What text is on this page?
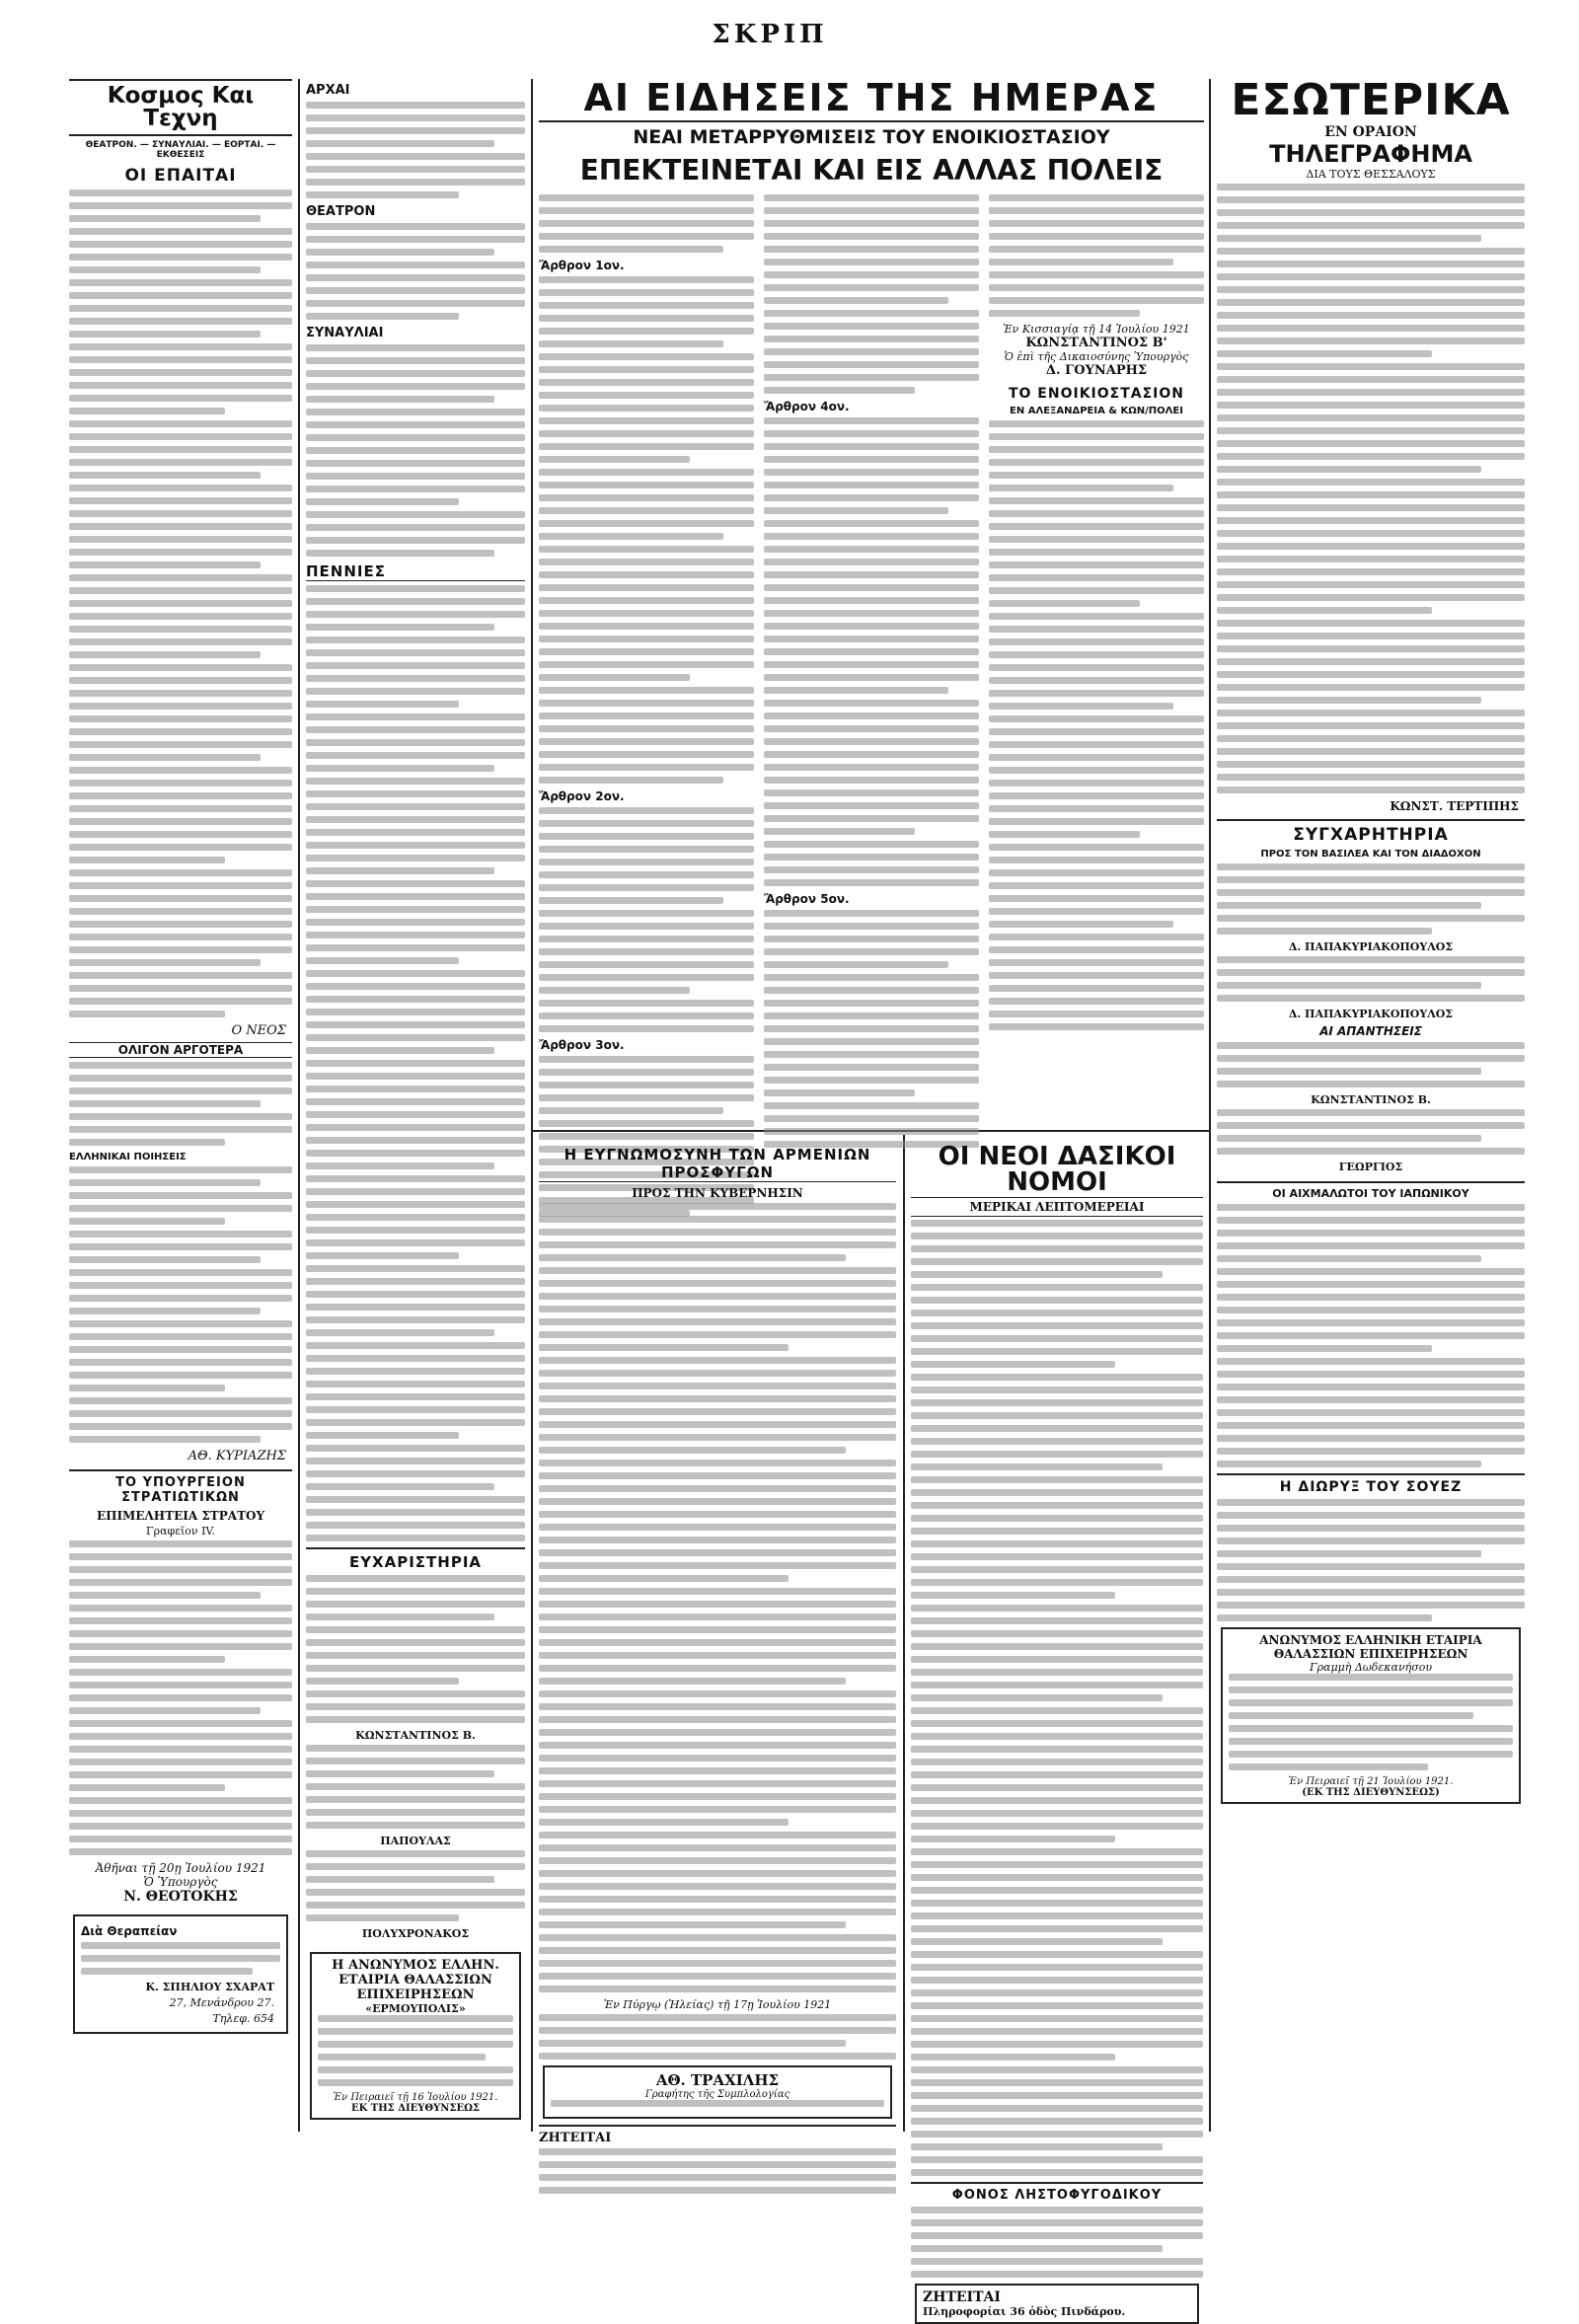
ΣΚΡΙΠ
Κοσμος Και Τεχνη
ΘΕΑΤΡΟΝ. — ΣΥΝΑΥΛΙΑΙ. — ΕΟΡΤΑΙ. — ΕΚΘΕΣΕΙΣ
ΟΙ ΕΠΑΙΤΑΙ
Ο ΝΕΟΣ
ΟΛΙΓΟΝ ΑΡΓΟΤΕΡΑ
ΕΛΛΗΝΙΚΑΙ ΠΟΙΗΣΕΙΣ
ΑΘ. ΚΥΡΙΑΖΗΣ
ΤΟ ΥΠΟΥΡΓΕΙΟΝ ΣΤΡΑΤΙΩΤΙΚΩΝ
ΕΠΙΜΕΛΗΤΕΙΑ ΣΤΡΑΤΟΥ
Γραφεῖον IV.
Ἀθῆναι τῇ 20ῃ Ἰουλίου 1921
Ὁ Ὑπουργὸς
Ν. ΘΕΟΤΟΚΗΣ
Διὰ Θεραπείαν
Κ. ΣΠΗΛΙΟΥ ΣΧΑΡΑΤ
27, Μενάνδρου 27.
Τηλεφ. 654
ΑΡΧΑΙ
ΘΕΑΤΡΟΝ
ΣΥΝΑΥΛΙΑΙ
ΠΕΝΝΙΕΣ
ΕΥΧΑΡΙΣΤΗΡΙΑ
ΚΩΝΣΤΑΝΤΙΝΟΣ Β.
ΠΑΠΟΥΛΑΣ
ΠΟΛΥΧΡΟΝΑΚΟΣ
Η ΑΝΩΝΥΜΟΣ ΕΛΛΗΝ. ΕΤΑΙΡΙΑ ΘΑΛΑΣΣΙΩΝ ΕΠΙΧΕΙΡΗΣΕΩΝ
«ΕΡΜΟΥΠΟΛΙΣ»
Ἐν Πειραιεῖ τῇ 16 Ἰουλίου 1921.
ΕΚ ΤΗΣ ΔΙΕΥΘΥΝΣΕΩΣ
ΑΙ ΕΙΔΗΣΕΙΣ ΤΗΣ ΗΜΕΡΑΣ
ΝΕΑΙ ΜΕΤΑΡΡΥΘΜΙΣΕΙΣ ΤΟΥ ΕΝΟΙΚΙΟΣΤΑΣΙΟΥ
ΕΠΕΚΤΕΙΝΕΤΑΙ ΚΑΙ ΕΙΣ ΑΛΛΑΣ ΠΟΛΕΙΣ
Ἄρθρον 1ον.
Ἄρθρον 2ον.
Ἄρθρον 3ον.
Ἄρθρον 4ον.
Ἄρθρον 5ον.
Ἐν Κισσιαγίᾳ τῇ 14 Ἰουλίου 1921
ΚΩΝΣΤΑΝΤΙΝΟΣ Β'
Ὁ ἐπὶ τῆς Δικαιοσύνης Ὑπουργὸς
Δ. ΓΟΥΝΑΡΗΣ
ΤΟ ΕΝΟΙΚΙΟΣΤΑΣΙΟΝ
ΕΝ ΑΛΕΞΑΝΔΡΕΙΑ & ΚΩΝ/ΠΟΛΕΙ
Η ΕΥΓΝΩΜΟΣΥΝΗ ΤΩΝ ΑΡΜΕΝΙΩΝ ΠΡΟΣΦΥΓΩΝ
ΠΡΟΣ ΤΗΝ ΚΥΒΕΡΝΗΣΙΝ
Ἐν Πύργῳ (Ἠλείας) τῇ 17ῃ Ἰουλίου 1921
ΑΘ. ΤΡΑΧΙΛΗΣ
Γραφήτης τῆς Συμπλολογίας
ΖΗΤΕΙΤΑΙ
ΟΙ ΝΕΟΙ ΔΑΣΙΚΟΙ ΝΟΜΟΙ
ΜΕΡΙΚΑΙ ΛΕΠΤΟΜΕΡΕΙΑΙ
ΦΟΝΟΣ ΛΗΣΤΟΦΥΓΟΔΙΚΟΥ
ΖΗΤΕΙΤΑΙ
Πληροφορίαι 36 ὁδὸς Πινδάρου.
ΕΣΩΤΕΡΙΚΑ
ΕΝ ΟΡΑΙΟΝ
ΤΗΛΕΓΡΑΦΗΜΑ
ΔΙΑ ΤΟΥΣ ΘΕΣΣΑΛΟΥΣ
ΚΩΝΣΤ. ΤΕΡΤΙΠΗΣ
ΣΥΓΧΑΡΗΤΗΡΙΑ
ΠΡΟΣ ΤΟΝ ΒΑΣΙΛΕΑ ΚΑΙ ΤΟΝ ΔΙΑΔΟΧΟΝ
Δ. ΠΑΠΑΚΥΡΙΑΚΟΠΟΥΛΟΣ
Δ. ΠΑΠΑΚΥΡΙΑΚΟΠΟΥΛΟΣ
ΑΙ ΑΠΑΝΤΗΣΕΙΣ
ΚΩΝΣΤΑΝΤΙΝΟΣ Β.
ΓΕΩΡΓΙΟΣ
ΟΙ ΑΙΧΜΑΛΩΤΟΙ ΤΟΥ ΙΑΠΩΝΙΚΟΥ
Η ΔΙΩΡΥΞ ΤΟΥ ΣΟΥΕΖ
ΑΝΩΝΥΜΟΣ ΕΛΛΗΝΙΚΗ ΕΤΑΙΡΙΑ ΘΑΛΑΣΣΙΩΝ ΕΠΙΧΕΙΡΗΣΕΩΝ
Γραμμὴ Δωδεκανήσου
Ἐν Πειραιεῖ τῇ 21 Ἰουλίου 1921.
(ΕΚ ΤΗΣ ΔΙΕΥΘΥΝΣΕΩΣ)
